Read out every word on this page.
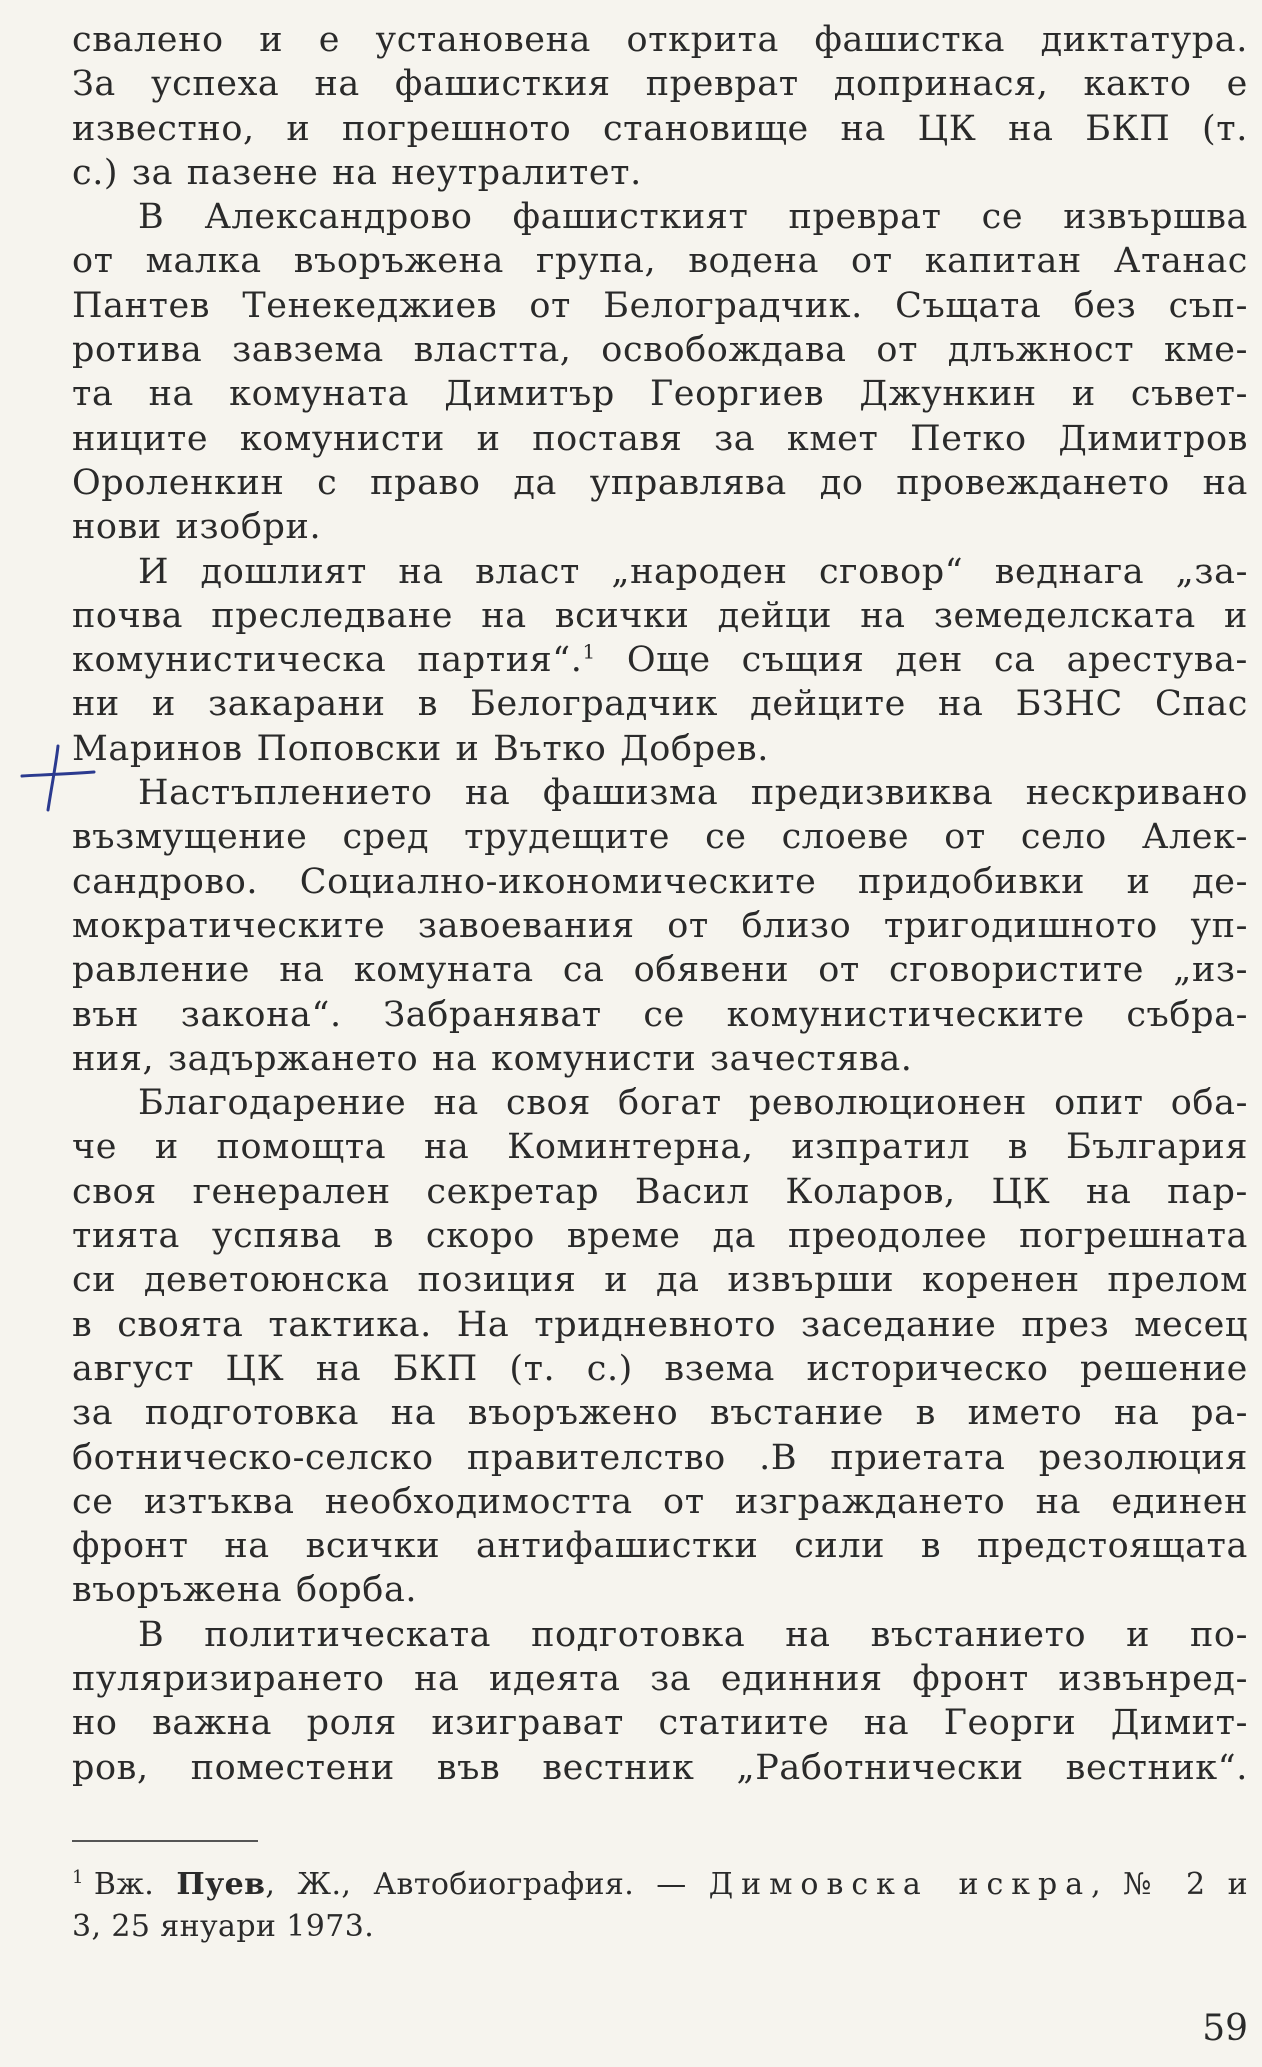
свалено и е установена открита фашистка диктатура.
За успеха на фашисткия преврат допринася, както е
известно, и погрешното становище на ЦК на БКП (т.
с.) за пазене на неутралитет.
В Александрово фашисткият преврат се извършва
от малка въоръжена група, водена от капитан Атанас
Пантев Тенекеджиев от Белоградчик. Същата без съп-
ротива завзема властта, освобождава от длъжност кме-
та на комуната Димитър Георгиев Джункин и съвет-
ниците комунисти и поставя за кмет Петко Димитров
Ороленкин с право да управлява до провеждането на
нови изобри.
И дошлият на власт „народен сговор“ веднага „за-
почва преследване на всички дейци на земеделската и
комунистическа партия“.$^1$ Още същия ден са арестува-
ни и закарани в Белоградчик дейците на БЗНС Спас
Маринов Поповски и Вътко Добрев.
Настъплението на фашизма предизвиква нескривано
възмущение сред трудещите се слоеве от село Алек-
сандрово. Социално-икономическите придобивки и де-
мократическите завоевания от близо тригодишното уп-
равление на комуната са обявени от сговористите „из-
вън закона“. Забраняват се комунистическите събра-
ния, задържането на комунисти зачестява.
Благодарение на своя богат революционен опит оба-
че и помощта на Коминтерна, изпратил в България
своя генерален секретар Васил Коларов, ЦК на пар-
тията успява в скоро време да преодолее погрешната
си деветоюнска позиция и да извърши коренен прелом
в своята тактика. На тридневното заседание през месец
август ЦК на БКП (т. с.) взема историческо решение
за подготовка на въоръжено въстание в името на ра-
ботническо-селско правителство .В приетата резолюция
се изтъква необходимостта от изграждането на единен
фронт на всички антифашистки сили в предстоящата
въоръжена борба.
В политическата подготовка на въстанието и по-
пуляризирането на идеята за единния фронт извънред-
но важна роля изиграват статиите на Георги Димит-
ров, поместени във вестник „Работнически вестник“.
$^1$ Вж. Пуев, Ж., Автобиография. — Димовска искра, № 2 и
3, 25 януари 1973.
59
